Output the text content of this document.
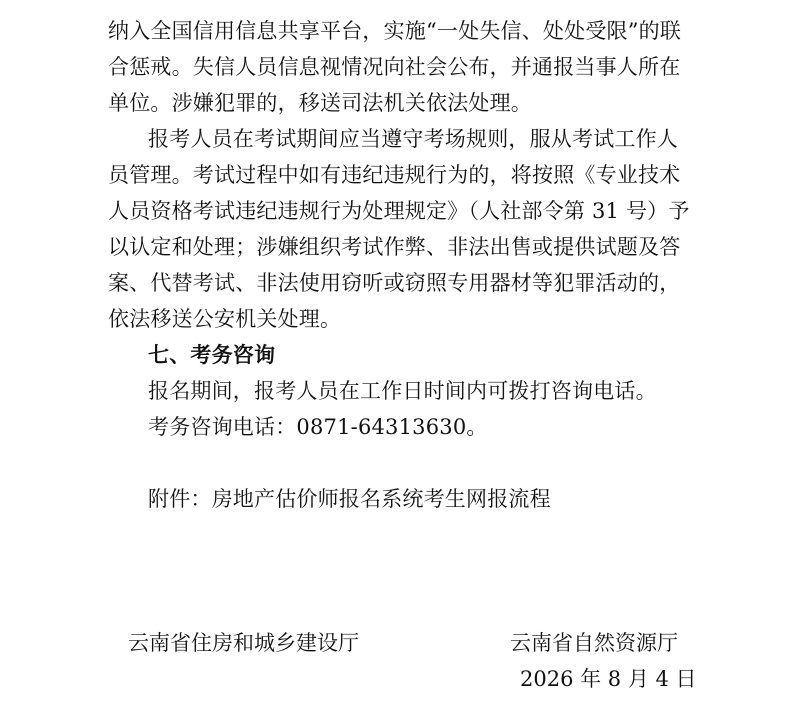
纳入全国信用信息共享平台，实施“一处失信、处处受限”的联
合惩戒。失信人员信息视情况向社会公布，并通报当事人所在
单位。涉嫌犯罪的，移送司法机关依法处理。
报考人员在考试期间应当遵守考场规则，服从考试工作人
员管理。考试过程中如有违纪违规行为的，将按照《专业技术
人员资格考试违纪违规行为处理规定》（人社部令第 31 号）予
以认定和处理；涉嫌组织考试作弊、非法出售或提供试题及答
案、代替考试、非法使用窃听或窃照专用器材等犯罪活动的，
依法移送公安机关处理。
七、考务咨询
报名期间，报考人员在工作日时间内可拨打咨询电话。
考务咨询电话：0871-64313630。
附件：房地产估价师报名系统考生网报流程
云南省住房和城乡建设厅	云南省自然资源厅
2026 年 8 月 4 日
